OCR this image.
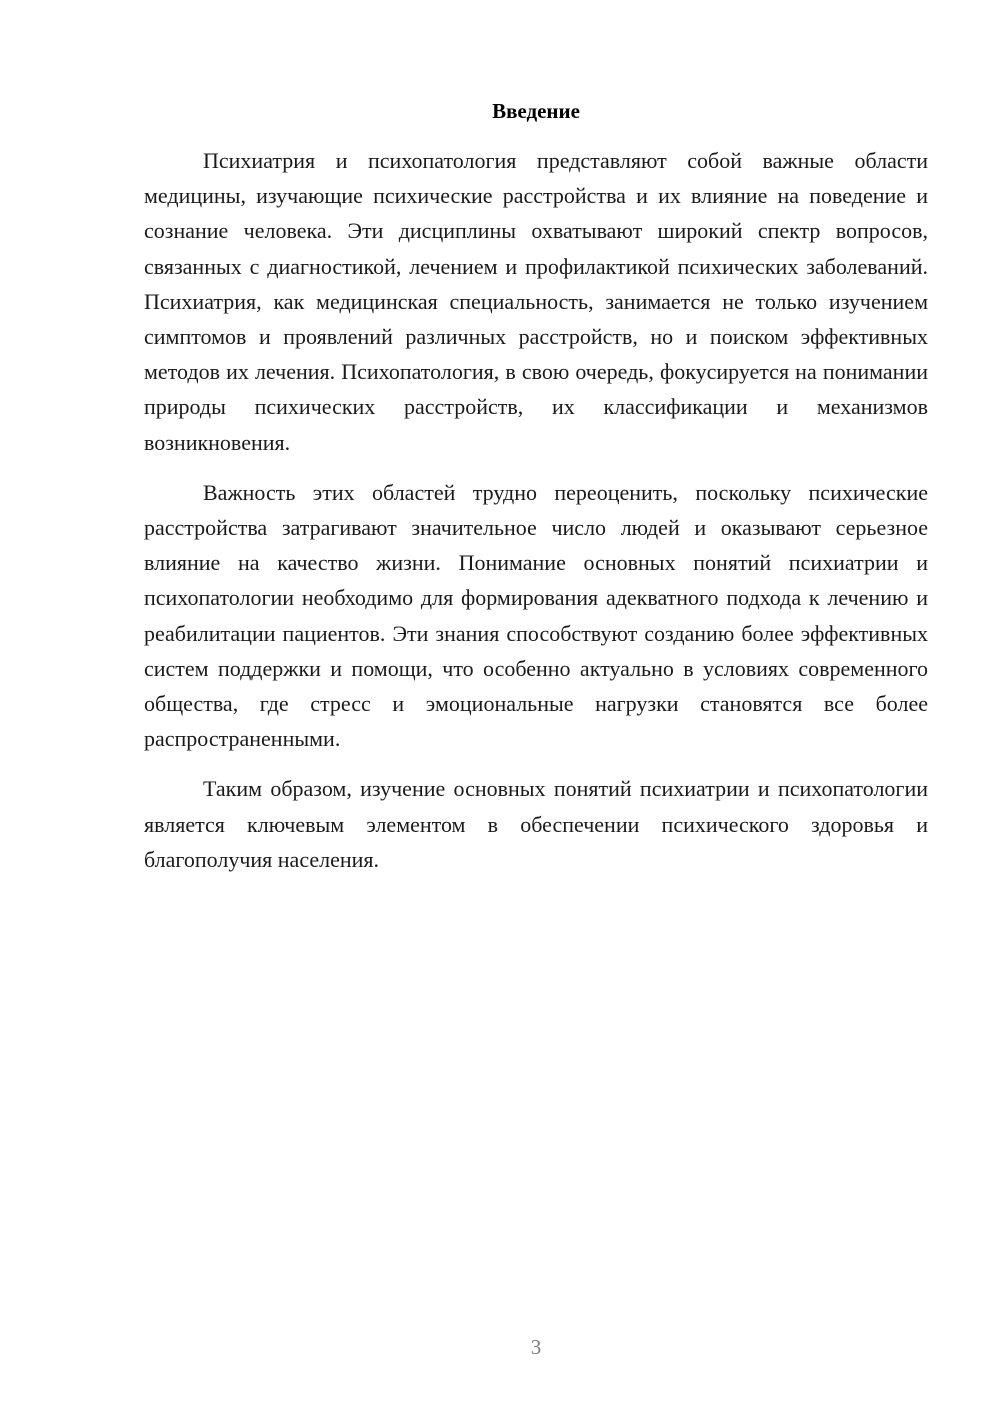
Введение

Психиатрия и психопатология представляют собой важные области медицины, изучающие психические расстройства и их влияние на поведение и сознание человека. Эти дисциплины охватывают широкий спектр вопросов, связанных с диагностикой, лечением и профилактикой психических заболеваний. Психиатрия, как медицинская специальность, занимается не только изучением симптомов и проявлений различных расстройств, но и поиском эффективных методов их лечения. Психопатология, в свою очередь, фокусируется на понимании природы психических расстройств, их классификации и механизмов возникновения.

Важность этих областей трудно переоценить, поскольку психические расстройства затрагивают значительное число людей и оказывают серьезное влияние на качество жизни. Понимание основных понятий психиатрии и психопатологии необходимо для формирования адекватного подхода к лечению и реабилитации пациентов. Эти знания способствуют созданию более эффективных систем поддержки и помощи, что особенно актуально в условиях современного общества, где стресс и эмоциональные нагрузки становятся все более распространенными.

Таким образом, изучение основных понятий психиатрии и психопатологии является ключевым элементом в обеспечении психического здоровья и благополучия населения.

3
